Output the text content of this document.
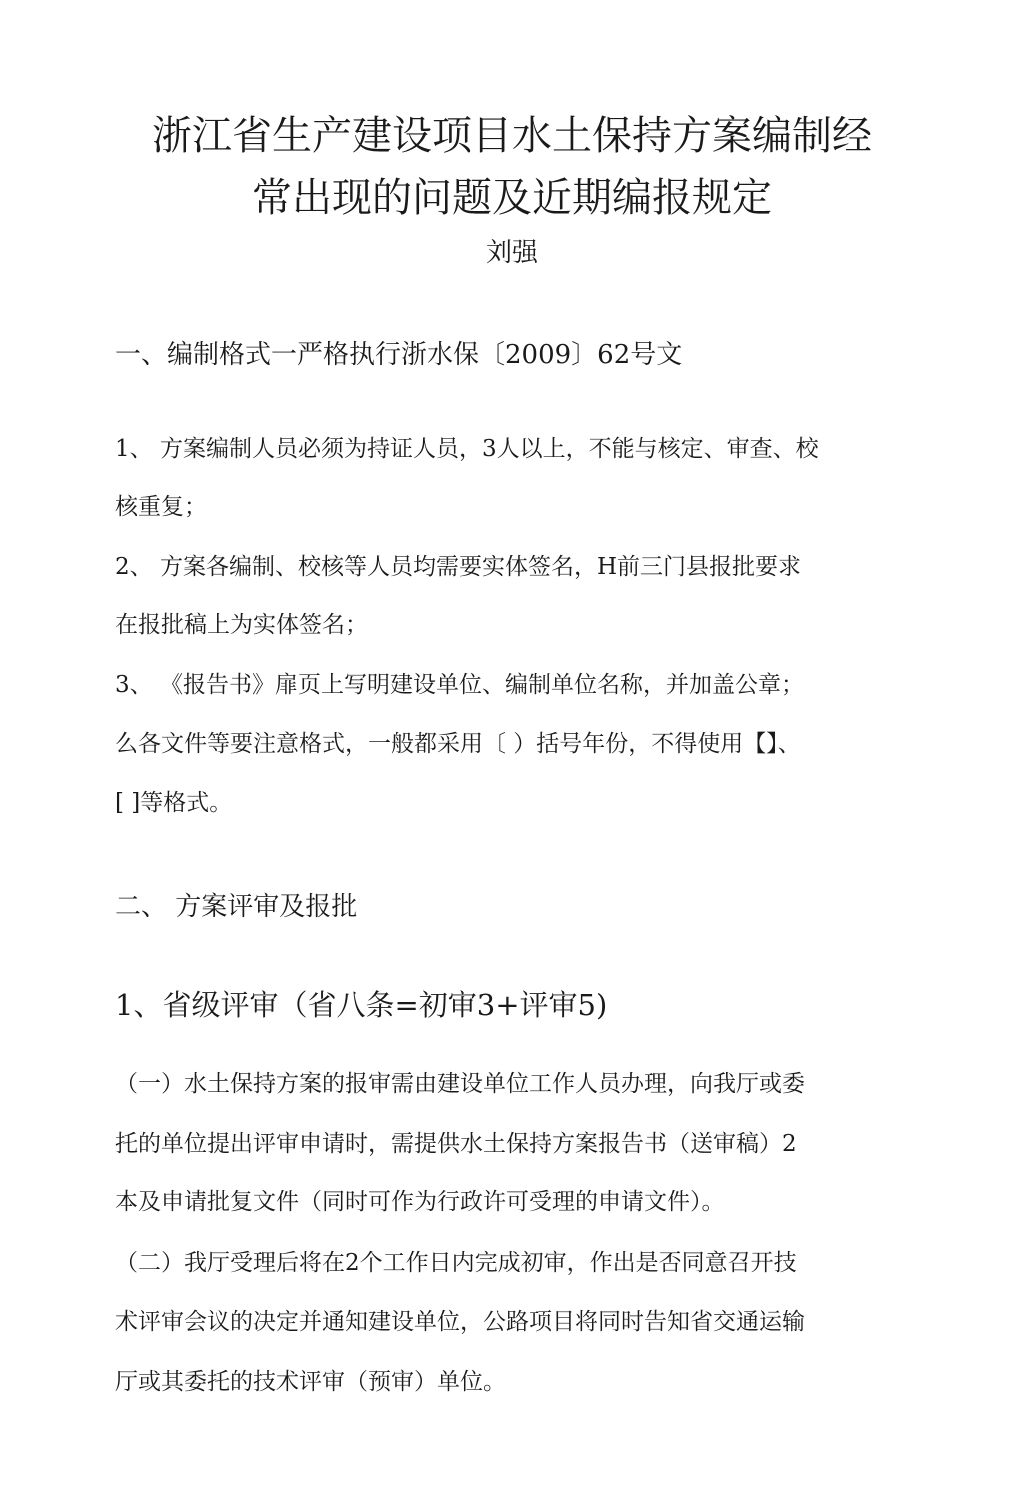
浙江省生产建设项目水土保持方案编制经
常出现的问题及近期编报规定
刘强
一、编制格式一严格执行浙水保〔2009〕62号文
1、 方案编制人员必须为持证人员，3人以上，不能与核定、审查、校
核重复；
2、 方案各编制、校核等人员均需要实体签名，H前三门县报批要求
在报批稿上为实体签名；
3、 《报告书》扉页上写明建设单位、编制单位名称，并加盖公章；
么各文件等要注意格式，一般都采用〔 ）括号年份，不得使用【】、
[ ]等格式。
二、 方案评审及报批
1、省级评审（省八条=初审3+评审5)
（一）水土保持方案的报审需由建设单位工作人员办理，向我厅或委
托的单位提出评审申请时，需提供水土保持方案报告书（送审稿）2
本及申请批复文件（同时可作为行政许可受理的申请文件）。
（二）我厅受理后将在2个工作日内完成初审，作出是否同意召开技
术评审会议的决定并通知建设单位，公路项目将同时告知省交通运输
厅或其委托的技术评审（预审）单位。
